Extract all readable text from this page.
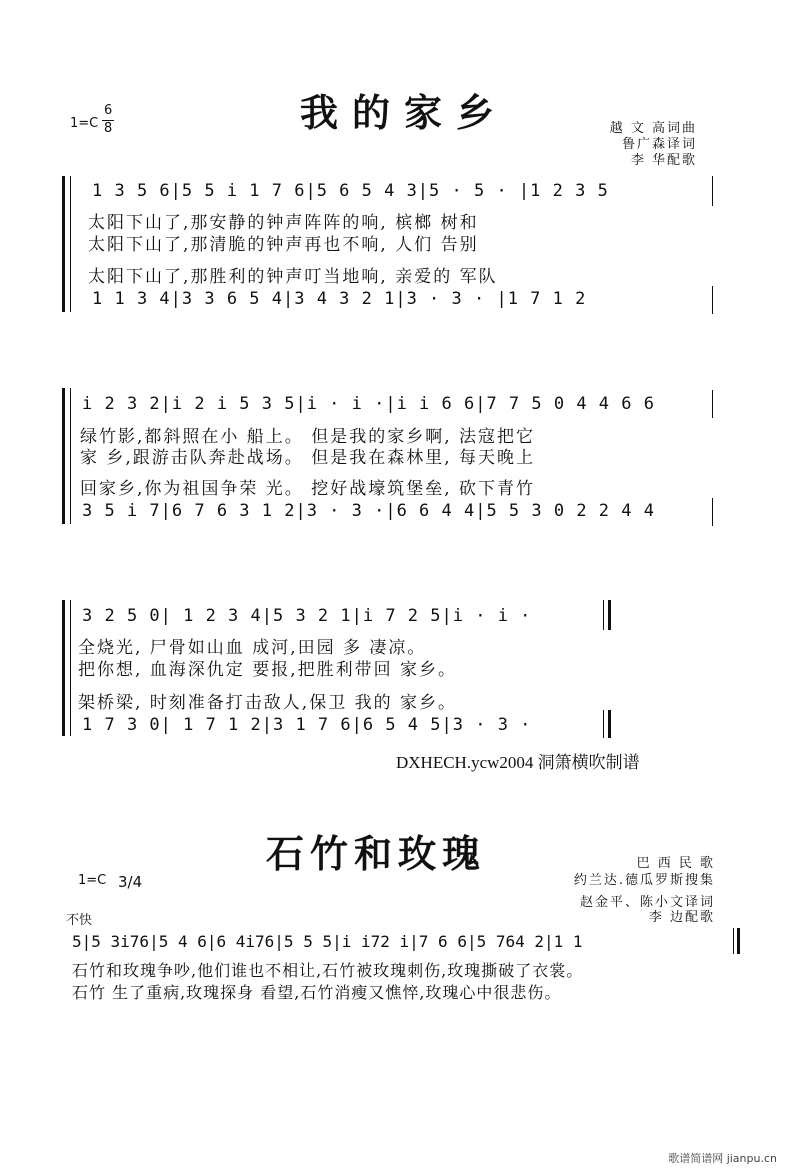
我的家乡
1=C
6
8	越 文 高词曲
鲁广森译词
李 华配歌
1 3 5 6|5 5 i 1 7 6|5 6 5 4 3|5 · 5 · |1 2 3 5
太阳下山了,那安静的钟声阵阵的响, 槟榔 树和
太阳下山了,那清脆的钟声再也不响, 人们 告别
太阳下山了,那胜利的钟声叮当地响, 亲爱的 军队
1 1 3 4|3 3 6 5 4|3 4 3 2 1|3 · 3 · |1 7 1 2
i 2 3 2|i 2 i 5 3 5|i · i ·|i i 6 6|7 7 5 0 4 4 6 6
绿竹影,都斜照在小 船上。 但是我的家乡啊, 法寇把它
家 乡,跟游击队奔赴战场。 但是我在森林里, 每天晚上
回家乡,你为祖国争荣 光。 挖好战壕筑堡垒, 砍下青竹
3 5 i 7|6 7 6 3 1 2|3 · 3 ·|6 6 4 4|5 5 3 0 2 2 4 4
3 2 5 0| 1 2 3 4|5 3 2 1|i 7 2 5|i · i ·
全烧光, 尸骨如山血 成河,田园 多 凄凉。
把你想, 血海深仇定 要报,把胜利带回 家乡。
架桥梁, 时刻准备打击敌人,保卫 我的 家乡。
1 7 3 0| 1 7 1 2|3 1 7 6|6 5 4 5|3 · 3 ·
DXHECH.ycw2004 洞箫横吹制谱
石竹和玫瑰	巴 西 民 歌
约兰达.德瓜罗斯搜集
赵金平、陈小文译词
李 边配歌
1=C 3/4
不快
5|5 3i76|5 4 6|6 4i76|5 5 5|i i72 i|7 6 6|5 764 2|1 1
石竹和玫瑰争吵,他们谁也不相让,石竹被玫瑰刺伤,玫瑰撕破了衣裳。
石竹 生了重病,玫瑰探身 看望,石竹消瘦又憔悴,玫瑰心中很悲伤。
歌谱简谱网 jianpu.cn
